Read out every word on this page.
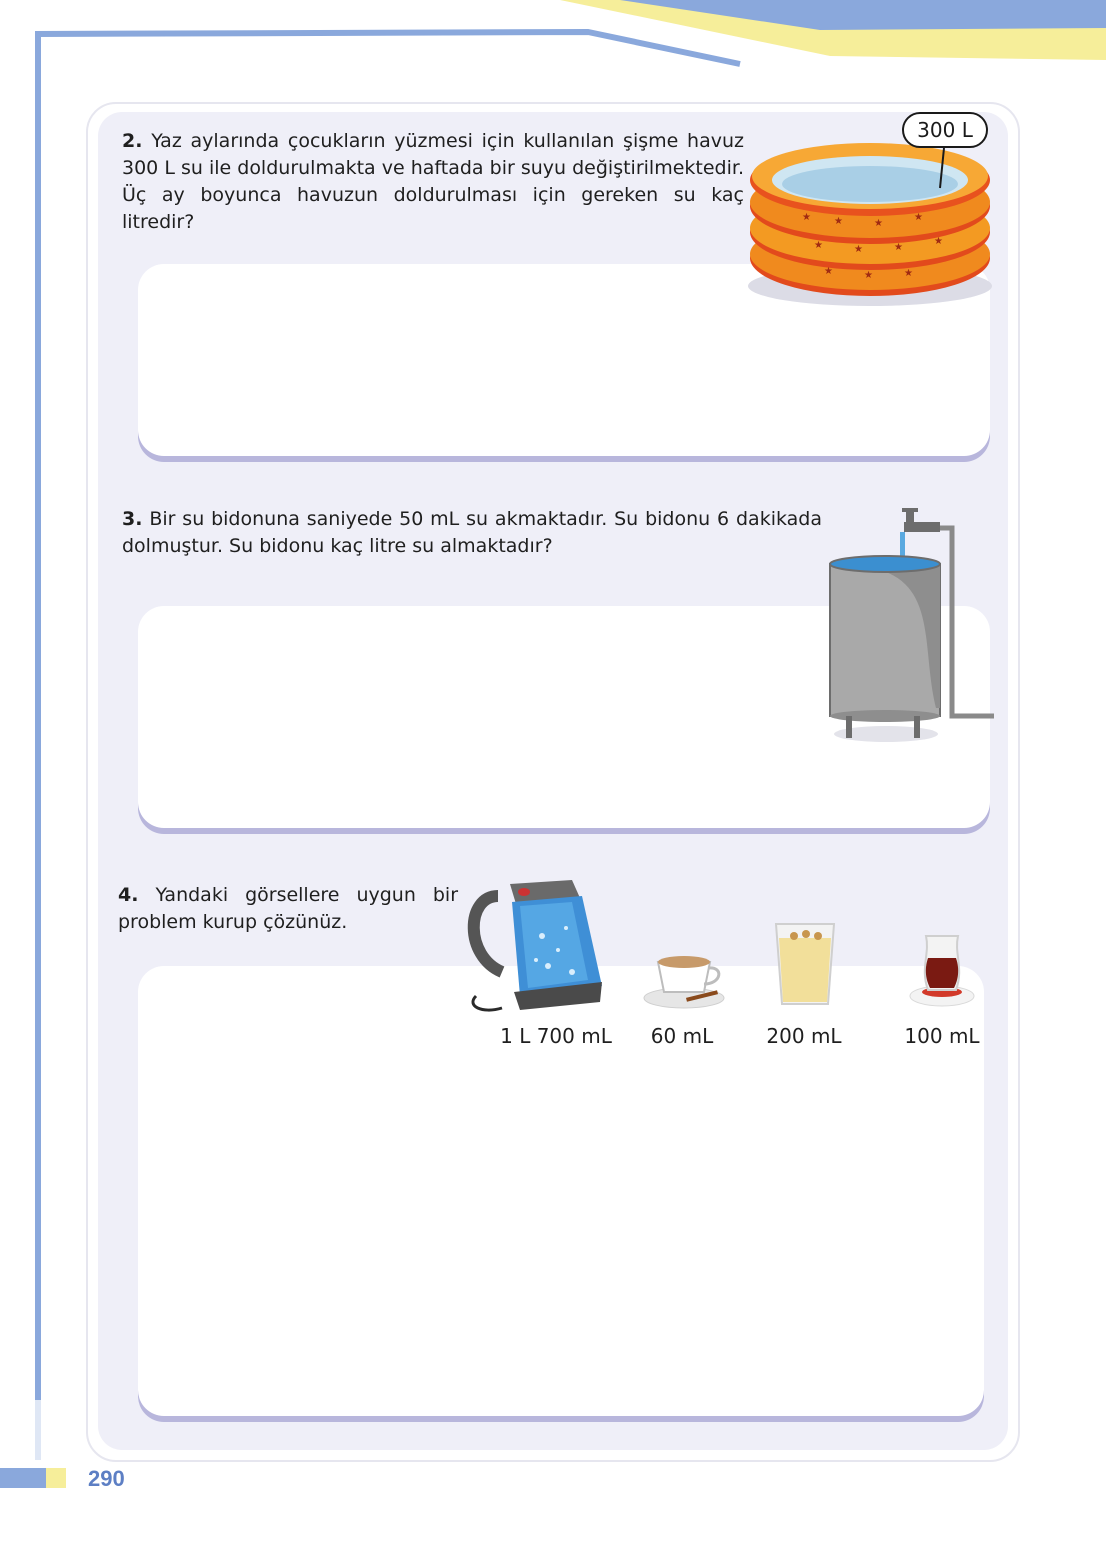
2. Yaz aylarında çocukların yüzmesi için kullanılan şişme havuz 300 L su ile doldurulmakta ve haftada bir suyu değiştirilmektedir. Üç ay boyunca havuzun doldurulması için gereken su kaç litredir?	★ ★	★
★
★	★	★
★
★	★	★
300 L
3. Bir su bidonuna saniyede 50 mL su akmaktadır. Su bidonu 6 dakikada dolmuştur. Su bidonu kaç litre su almaktadır?
4. Yandaki görsellere uygun bir problem kurup çözünüz.
1 L 700 mL	60 mL	200 mL	100 mL
290
